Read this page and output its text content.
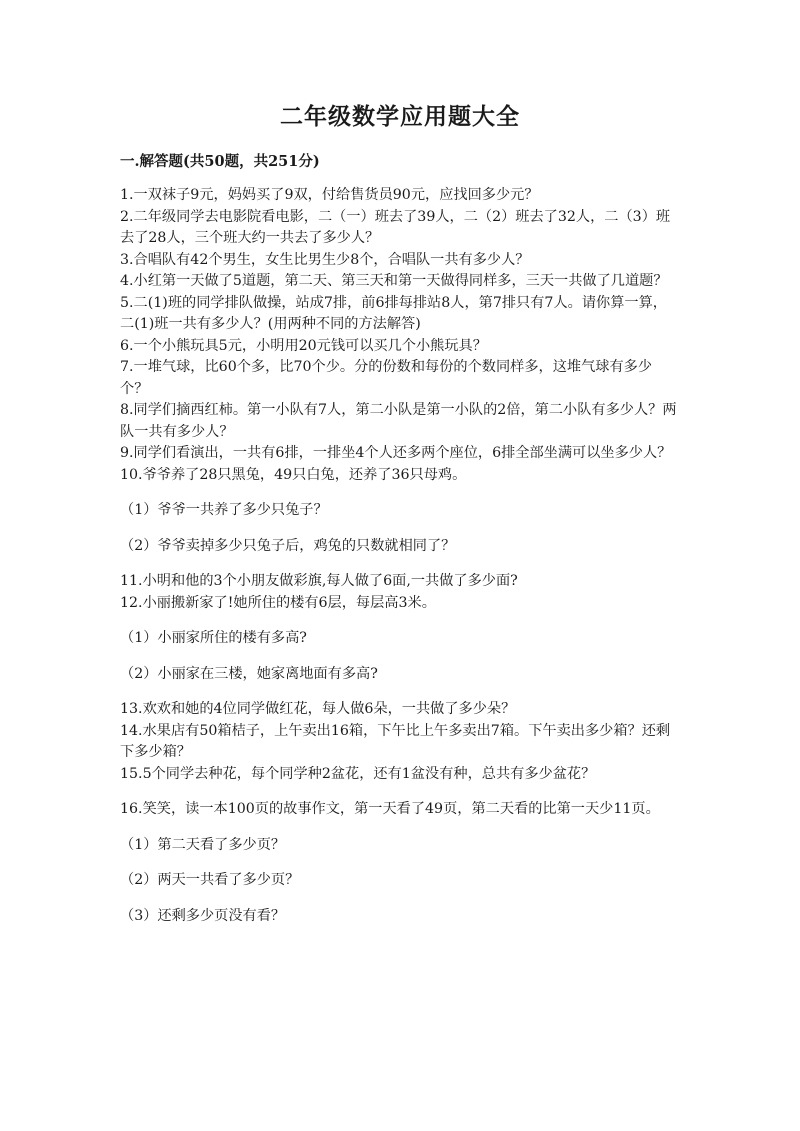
二年级数学应用题大全
一.解答题(共50题，共251分)

1.一双袜子9元，妈妈买了9双，付给售货员90元，应找回多少元？

2.二年级同学去电影院看电影，二（一）班去了39人，二（2）班去了32人，二（3）班去了28人，三个班大约一共去了多少人？

3.合唱队有42个男生，女生比男生少8个，合唱队一共有多少人？

4.小红第一天做了5道题，第二天、第三天和第一天做得同样多，三天一共做了几道题？

5.二(1)班的同学排队做操，站成7排，前6排每排站8人，第7排只有7人。请你算一算，二(1)班一共有多少人？(用两种不同的方法解答)

6.一个小熊玩具5元，小明用20元钱可以买几个小熊玩具？

7.一堆气球，比60个多，比70个少。分的份数和每份的个数同样多，这堆气球有多少个？

8.同学们摘西红柿。第一小队有7人，第二小队是第一小队的2倍，第二小队有多少人？两队一共有多少人？

9.同学们看演出，一共有6排，一排坐4个人还多两个座位，6排全部坐满可以坐多少人？

10.爷爷养了28只黑兔，49只白兔，还养了36只母鸡。

（1）爷爷一共养了多少只兔子？

（2）爷爷卖掉多少只兔子后，鸡兔的只数就相同了？

11.小明和他的3个小朋友做彩旗,每人做了6面,一共做了多少面?

12.小丽搬新家了!她所住的楼有6层，每层高3米。

（1）小丽家所住的楼有多高?

（2）小丽家在三楼，她家离地面有多高?

13.欢欢和她的4位同学做红花，每人做6朵，一共做了多少朵？

14.水果店有50箱桔子，上午卖出16箱，下午比上午多卖出7箱。下午卖出多少箱？还剩下多少箱？

15.5个同学去种花，每个同学种2盆花，还有1盆没有种，总共有多少盆花？

16.笑笑，读一本100页的故事作文，第一天看了49页，第二天看的比第一天少11页。

（1）第二天看了多少页？

（2）两天一共看了多少页？

（3）还剩多少页没有看？
